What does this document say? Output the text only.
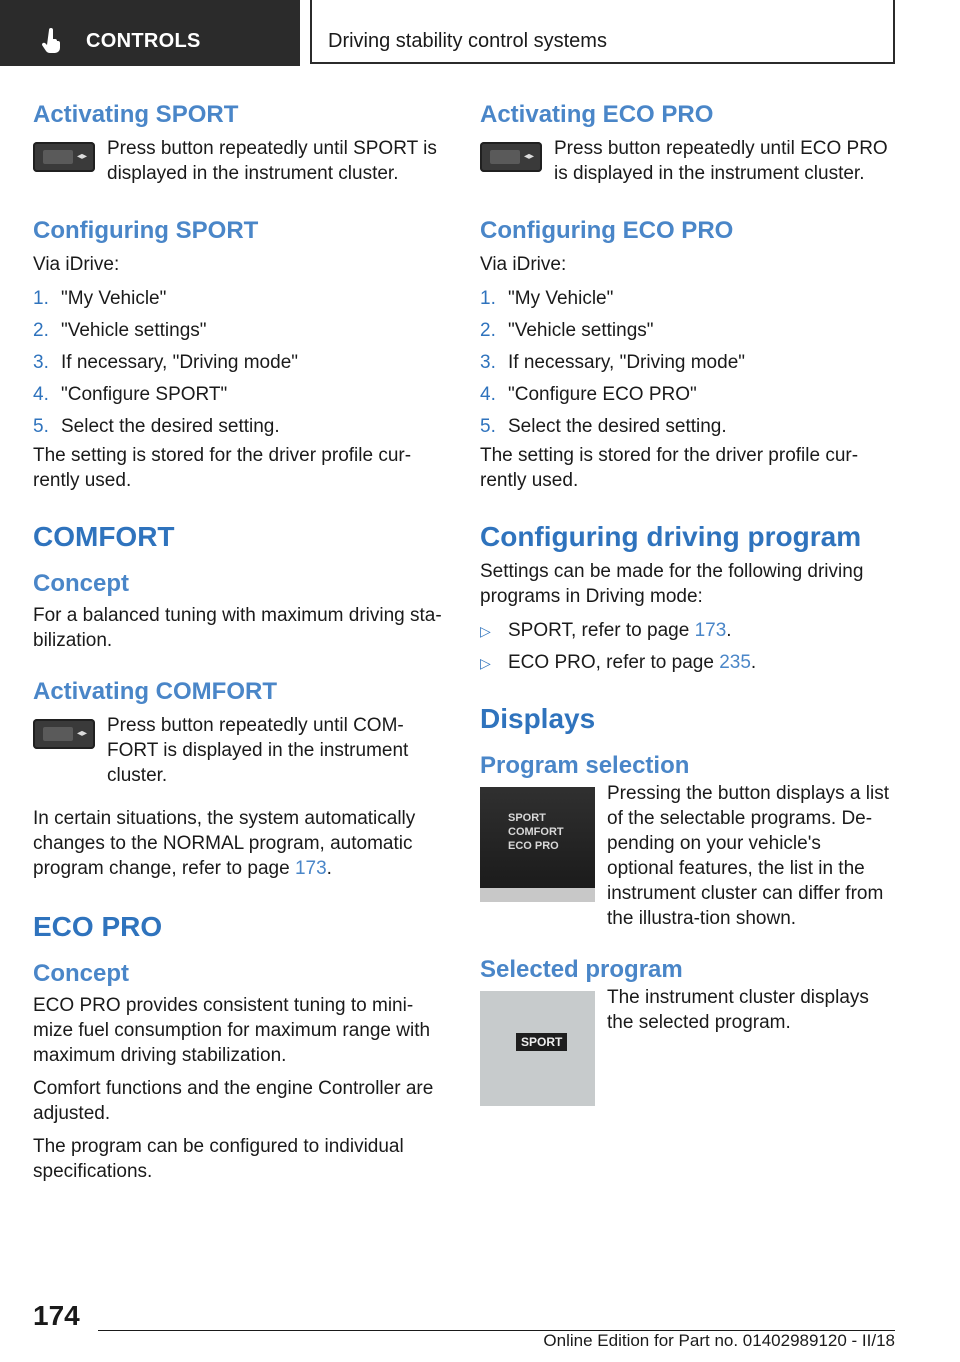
CONTROLS	Driving stability control systems
Activating SPORT
◂▸ Press button repeatedly until SPORT is displayed in the instrument cluster.

Configuring SPORT

Via iDrive:

1. "My Vehicle"
2. "Vehicle settings"
3. If necessary, "Driving mode"
4. "Configure SPORT"
5. Select the desired setting.

The setting is stored for the driver profile cur-rently used.

COMFORT
Concept

For a balanced tuning with maximum driving sta-bilization.

Activating COMFORT
◂▸ Press button repeatedly until COM-FORT is displayed in the instrument cluster.

In certain situations, the system automatically changes to the NORMAL program, automatic program change, refer to page 173.

ECO PRO
Concept

ECO PRO provides consistent tuning to mini-mize fuel consumption for maximum range with maximum driving stabilization.

Comfort functions and the engine Controller are adjusted.

The program can be configured to individual specifications.

Activating ECO PRO
◂▸ Press button repeatedly until ECO PRO is displayed in the instrument cluster.

Configuring ECO PRO

Via iDrive:

1. "My Vehicle"
2. "Vehicle settings"
3. If necessary, "Driving mode"
4. "Configure ECO PRO"
5. Select the desired setting.

The setting is stored for the driver profile cur-rently used.

Configuring driving program

Settings can be made for the following driving programs in Driving mode:

▷ SPORT, refer to page 173.
▷ ECO PRO, refer to page 235.
Displays
Program selection
SPORT
COMFORT
ECO PRO

Pressing the button displays a list of the selectable programs. De-pending on your vehicle's optional features, the list in the instrument cluster can differ from the illustra-tion shown.

Selected program
SPORT

The instrument cluster displays the selected program.

174
Online Edition for Part no. 01402989120 - II/18
